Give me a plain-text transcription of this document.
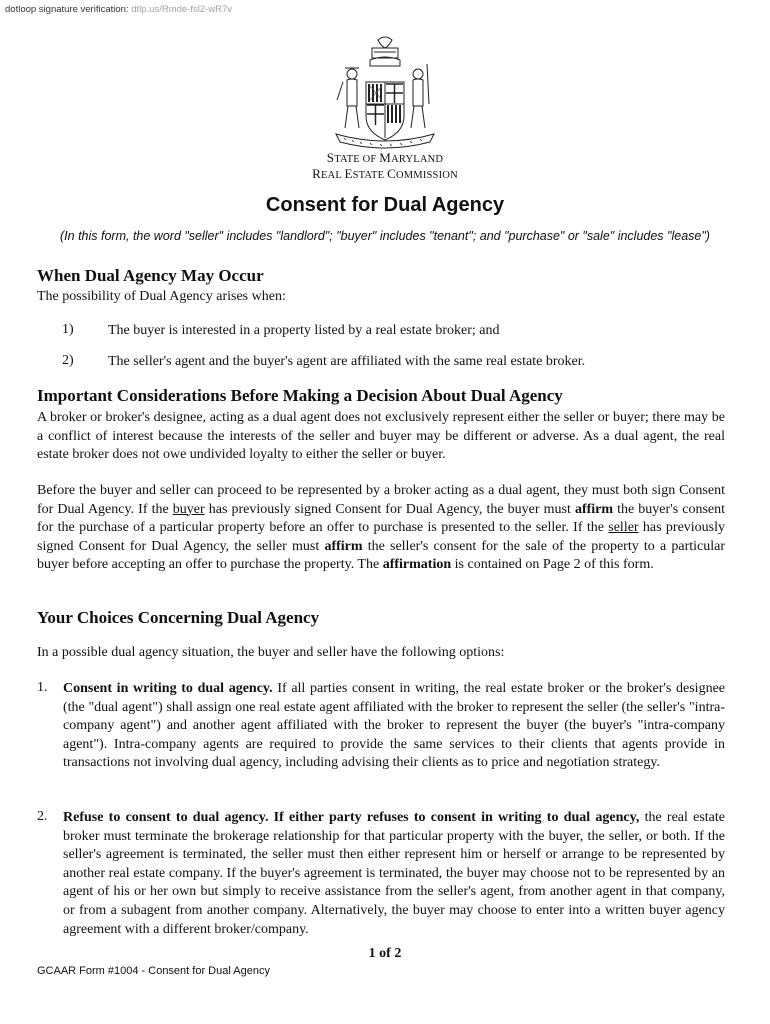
dotloop signature verification: dtlp.us/Rmde-fsl2-wR7v
STATE OF MARYLAND
REAL ESTATE COMMISSION
Consent for Dual Agency
(In this form, the word "seller" includes "landlord"; "buyer" includes "tenant"; and "purchase" or "sale" includes "lease")
When Dual Agency May Occur
The possibility of Dual Agency arises when:
1) The buyer is interested in a property listed by a real estate broker; and
2) The seller's agent and the buyer's agent are affiliated with the same real estate broker.
Important Considerations Before Making a Decision About Dual Agency
A broker or broker's designee, acting as a dual agent does not exclusively represent either the seller or buyer; there may be a conflict of interest because the interests of the seller and buyer may be different or adverse. As a dual agent, the real estate broker does not owe undivided loyalty to either the seller or buyer.
Before the buyer and seller can proceed to be represented by a broker acting as a dual agent, they must both sign Consent for Dual Agency. If the buyer has previously signed Consent for Dual Agency, the buyer must affirm the buyer's consent for the purchase of a particular property before an offer to purchase is presented to the seller. If the seller has previously signed Consent for Dual Agency, the seller must affirm the seller's consent for the sale of the property to a particular buyer before accepting an offer to purchase the property. The affirmation is contained on Page 2 of this form.
Your Choices Concerning Dual Agency
In a possible dual agency situation, the buyer and seller have the following options:
1. Consent in writing to dual agency. If all parties consent in writing, the real estate broker or the broker's designee (the "dual agent") shall assign one real estate agent affiliated with the broker to represent the seller (the seller's "intra-company agent") and another agent affiliated with the broker to represent the buyer (the buyer's "intra-company agent"). Intra-company agents are required to provide the same services to their clients that agents provide in transactions not involving dual agency, including advising their clients as to price and negotiation strategy.
2. Refuse to consent to dual agency. If either party refuses to consent in writing to dual agency, the real estate broker must terminate the brokerage relationship for that particular property with the buyer, the seller, or both. If the seller's agreement is terminated, the seller must then either represent him or herself or arrange to be represented by another real estate company. If the buyer's agreement is terminated, the buyer may choose not to be represented by an agent of his or her own but simply to receive assistance from the seller's agent, from another agent in that company, or from a subagent from another company. Alternatively, the buyer may choose to enter into a written buyer agency agreement with a different broker/company.
1 of 2
GCAAR Form #1004 - Consent for Dual Agency
